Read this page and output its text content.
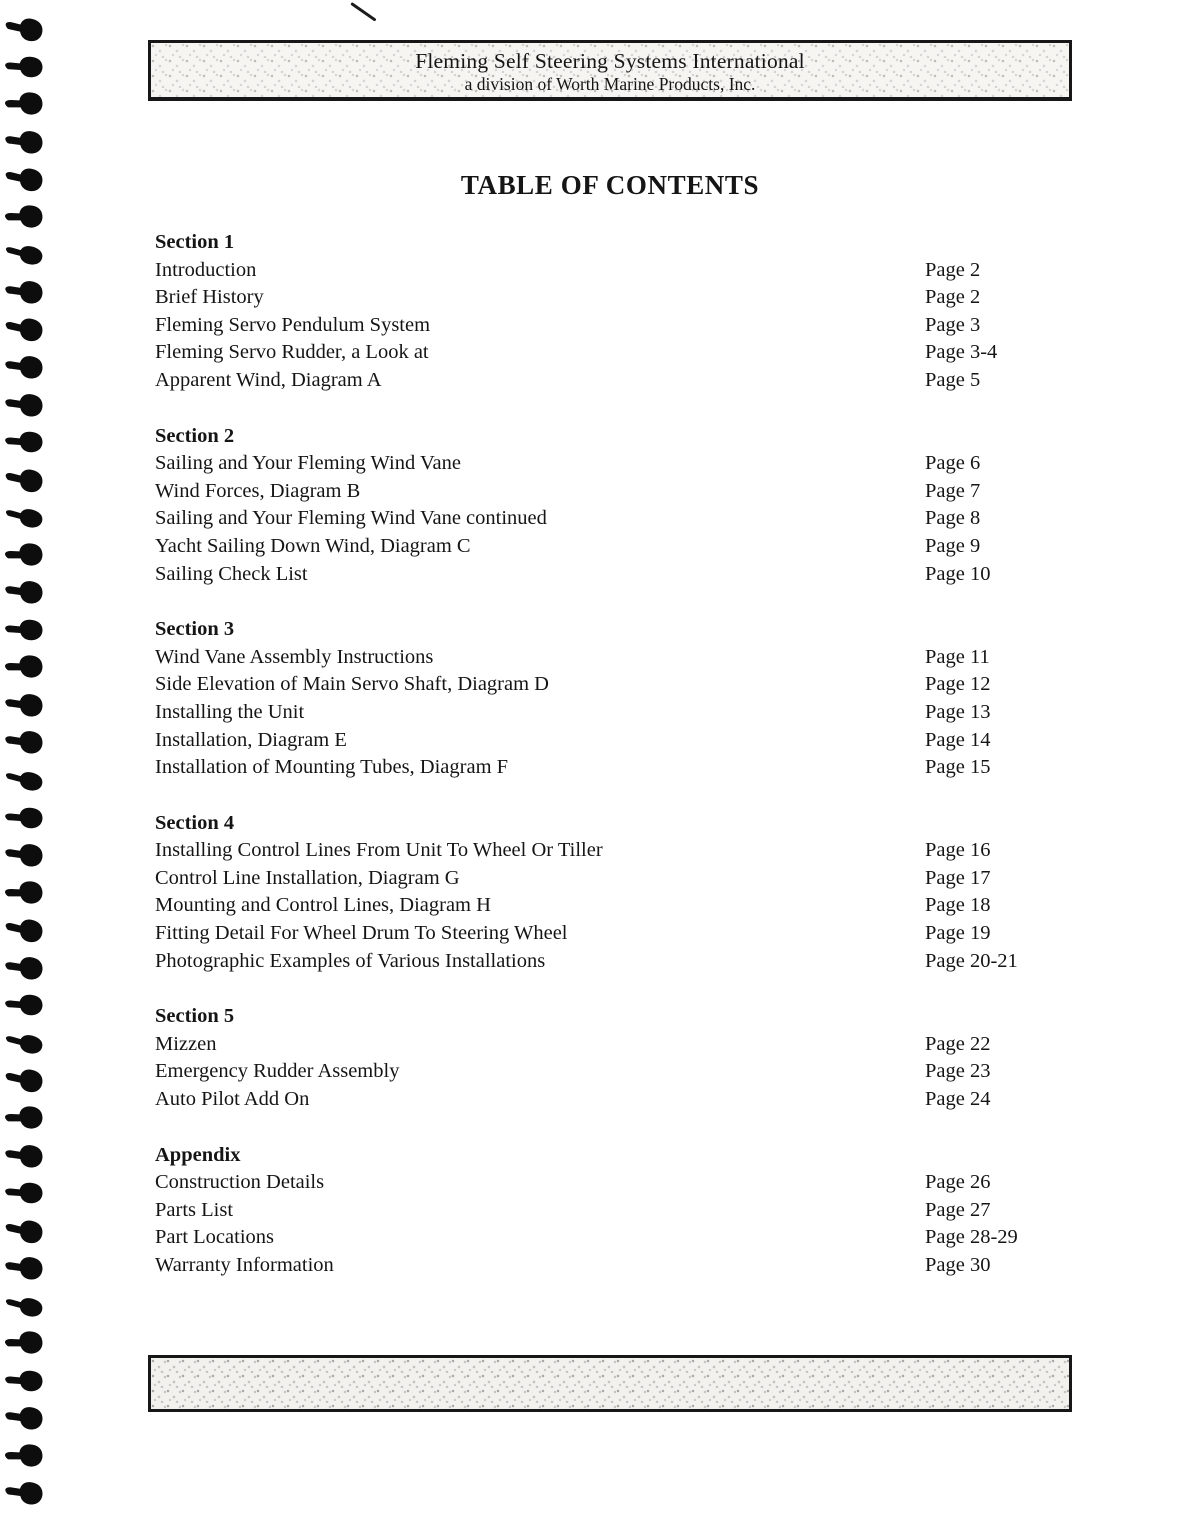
Fleming Self Steering Systems International
a division of Worth Marine Products, Inc.
TABLE OF CONTENTS
Section 1
Introduction	Page 2
Brief History	Page 2
Fleming Servo Pendulum System	Page 3
Fleming Servo Rudder, a Look at	Page 3-4
Apparent Wind, Diagram A	Page 5
Section 2
Sailing and Your Fleming Wind Vane	Page 6
Wind Forces, Diagram B	Page 7
Sailing and Your Fleming Wind Vane continued	Page 8
Yacht Sailing Down Wind, Diagram C	Page 9
Sailing Check List	Page 10
Section 3
Wind Vane Assembly Instructions	Page 11
Side Elevation of Main Servo Shaft, Diagram D	Page 12
Installing the Unit	Page 13
Installation, Diagram E	Page 14
Installation of Mounting Tubes, Diagram F	Page 15
Section 4
Installing Control Lines From Unit To Wheel Or Tiller	Page 16
Control Line Installation, Diagram G	Page 17
Mounting and Control Lines, Diagram H	Page 18
Fitting Detail For Wheel Drum To Steering Wheel	Page 19
Photographic Examples of Various Installations	Page 20-21
Section 5
Mizzen	Page 22
Emergency Rudder Assembly	Page 23
Auto Pilot Add On	Page 24
Appendix
Construction Details	Page 26
Parts List	Page 27
Part Locations	Page 28-29
Warranty Information	Page 30
